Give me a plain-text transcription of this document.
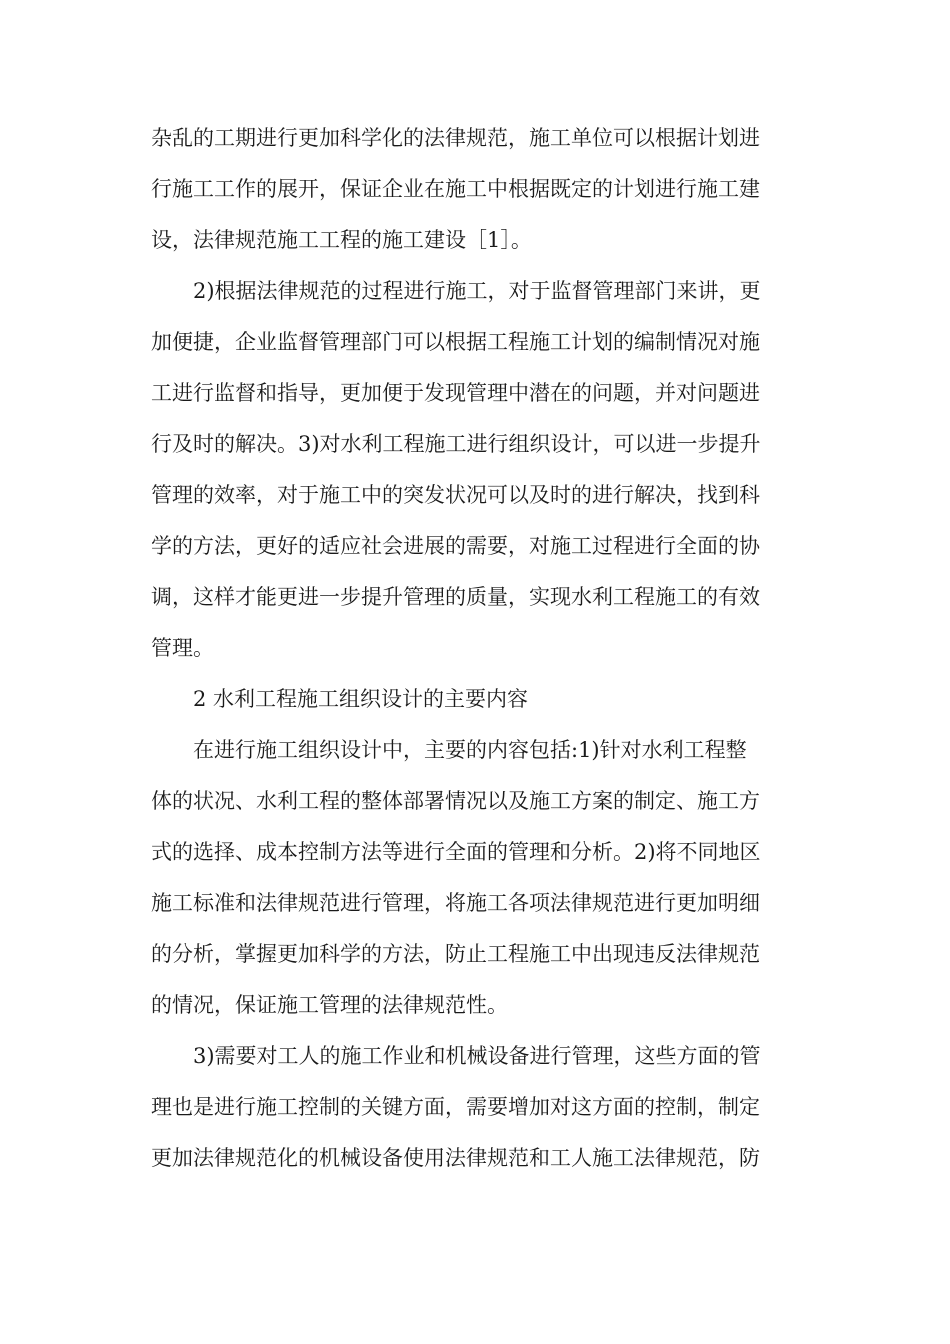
杂乱的工期进行更加科学化的法律规范，施工单位可以根据计划进
行施工工作的展开，保证企业在施工中根据既定的计划进行施工建
设，法律规范施工工程的施工建设［1］。
2)根据法律规范的过程进行施工，对于监督管理部门来讲，更
加便捷，企业监督管理部门可以根据工程施工计划的编制情况对施
工进行监督和指导，更加便于发现管理中潜在的问题，并对问题进
行及时的解决。3)对水利工程施工进行组织设计，可以进一步提升
管理的效率，对于施工中的突发状况可以及时的进行解决，找到科
学的方法，更好的适应社会进展的需要，对施工过程进行全面的协
调，这样才能更进一步提升管理的质量，实现水利工程施工的有效
管理。
2 水利工程施工组织设计的主要内容
在进行施工组织设计中，主要的内容包括:1)针对水利工程整
体的状况、水利工程的整体部署情况以及施工方案的制定、施工方
式的选择、成本控制方法等进行全面的管理和分析。2)将不同地区
施工标准和法律规范进行管理，将施工各项法律规范进行更加明细
的分析，掌握更加科学的方法，防止工程施工中出现违反法律规范
的情况，保证施工管理的法律规范性。
3)需要对工人的施工作业和机械设备进行管理，这些方面的管
理也是进行施工控制的关键方面，需要增加对这方面的控制，制定
更加法律规范化的机械设备使用法律规范和工人施工法律规范，防
